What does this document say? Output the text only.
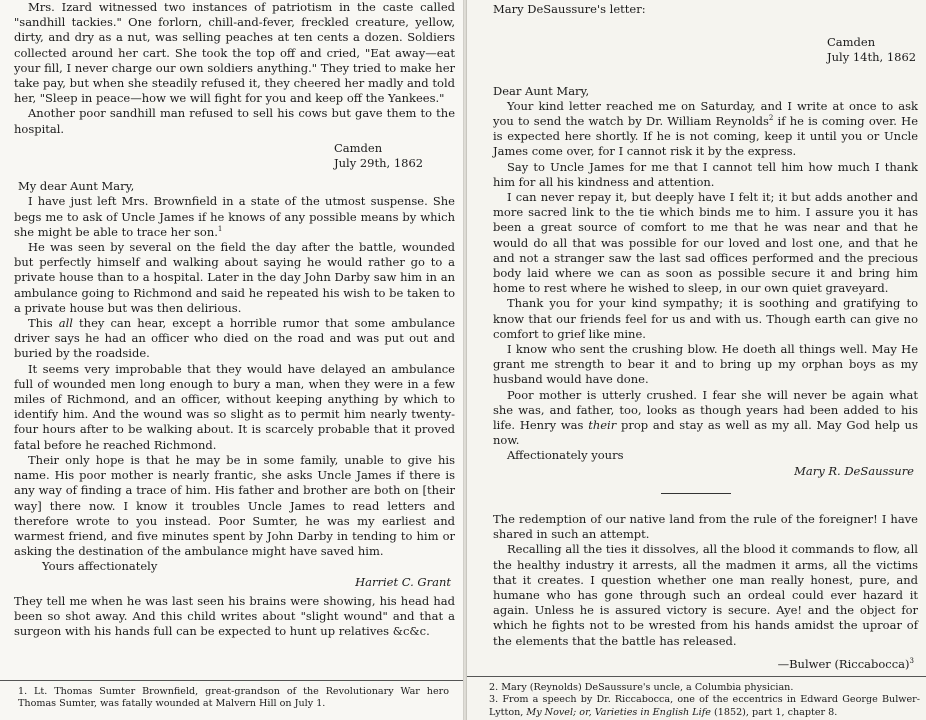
Mrs. Izard witnessed two instances of patriotism in the caste called "sandhill tackies." One forlorn, chill-and-fever, freckled creature, yellow, dirty, and dry as a nut, was selling peaches at ten cents a dozen. Soldiers collected around her cart. She took the top off and cried, "Eat away—eat your fill, I never charge our own soldiers anything." They tried to make her take pay, but when she steadily refused it, they cheered her madly and told her, "Sleep in peace—how we will fight for you and keep off the Yankees."

Another poor sandhill man refused to sell his cows but gave them to the hospital.

Camden

July 29th, 1862

My dear Aunt Mary,

I have just left Mrs. Brownfield in a state of the utmost suspense. She begs me to ask of Uncle James if he knows of any possible means by which she might be able to trace her son.$^1$

He was seen by several on the field the day after the battle, wounded but perfectly himself and walking about saying he would rather go to a private house than to a hospital. Later in the day John Darby saw him in an ambulance going to Richmond and said he repeated his wish to be taken to a private house but was then delirious.

This all they can hear, except a horrible rumor that some ambulance driver says he had an officer who died on the road and was put out and buried by the roadside.

It seems very improbable that they would have delayed an ambulance full of wounded men long enough to bury a man, when they were in a few miles of Richmond, and an officer, without keeping anything by which to identify him. And the wound was so slight as to permit him nearly twenty-four hours after to be walking about. It is scarcely probable that it proved fatal before he reached Richmond.

Their only hope is that he may be in some family, unable to give his name. His poor mother is nearly frantic, she asks Uncle James if there is any way of finding a trace of him. His father and brother are both on [their way] there now. I know it troubles Uncle James to read letters and therefore wrote to you instead. Poor Sumter, he was my earliest and warmest friend, and five minutes spent by John Darby in tending to him or asking the destination of the ambulance might have saved him.

Yours affectionately

Harriet C. Grant

They tell me when he was last seen his brains were showing, his head had been so shot away. And this child writes about "slight wound" and that a surgeon with his hands full can be expected to hunt up relatives &c&c.

1. Lt. Thomas Sumter Brownfield, great-grandson of the Revolutionary War hero Thomas Sumter, was fatally wounded at Malvern Hill on July 1.

Mary DeSaussure's letter:

Camden

July 14th, 1862

Dear Aunt Mary,

Your kind letter reached me on Saturday, and I write at once to ask you to send the watch by Dr. William Reynolds$^2$ if he is coming over. He is expected here shortly. If he is not coming, keep it until you or Uncle James come over, for I cannot risk it by the express.

Say to Uncle James for me that I cannot tell him how much I thank him for all his kindness and attention.

I can never repay it, but deeply have I felt it; it but adds another and more sacred link to the tie which binds me to him. I assure you it has been a great source of comfort to me that he was near and that he would do all that was possible for our loved and lost one, and that he and not a stranger saw the last sad offices performed and the precious body laid where we can as soon as possible secure it and bring him home to rest where he wished to sleep, in our own quiet graveyard.

Thank you for your kind sympathy; it is soothing and gratifying to know that our friends feel for us and with us. Though earth can give no comfort to grief like mine.

I know who sent the crushing blow. He doeth all things well. May He grant me strength to bear it and to bring up my orphan boys as my husband would have done.

Poor mother is utterly crushed. I fear she will never be again what she was, and father, too, looks as though years had been added to his life. Henry was their prop and stay as well as my all. May God help us now.

Affectionately yours

Mary R. DeSaussure

The redemption of our native land from the rule of the foreigner! I have shared in such an attempt.

Recalling all the ties it dissolves, all the blood it commands to flow, all the healthy industry it arrests, all the madmen it arms, all the victims that it creates. I question whether one man really honest, pure, and humane who has gone through such an ordeal could ever hazard it again. Unless he is assured victory is secure. Aye! and the object for which he fights not to be wrested from his hands amidst the uproar of the elements that the battle has released.

—Bulwer (Riccabocca)$^3$

2. Mary (Reynolds) DeSaussure's uncle, a Columbia physician.

3. From a speech by Dr. Riccabocca, one of the eccentrics in Edward George Bulwer-Lytton, My Novel; or, Varieties in English Life (1852), part 1, chapter 8.
